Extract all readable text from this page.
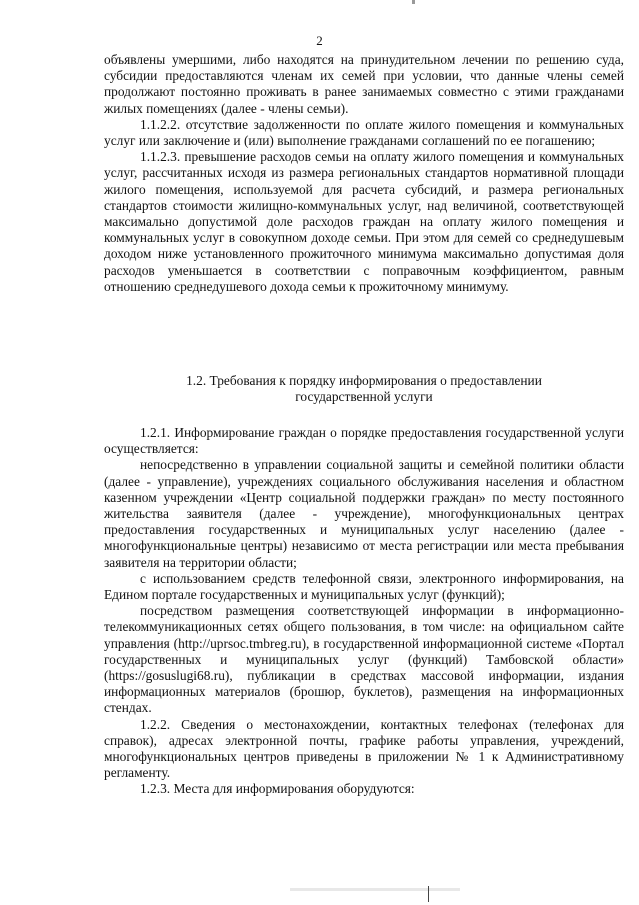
2

объявлены умершими, либо находятся на принудительном лечении по решению суда, субсидии предоставляются членам их семей при условии, что данные члены семей продолжают постоянно проживать в ранее занимаемых совместно с этими гражданами жилых помещениях (далее - члены семьи).

1.1.2.2. отсутствие задолженности по оплате жилого помещения и коммунальных услуг или заключение и (или) выполнение гражданами соглашений по ее погашению;

1.1.2.3. превышение расходов семьи на оплату жилого помещения и коммунальных услуг, рассчитанных исходя из размера региональных стандартов нормативной площади жилого помещения, используемой для расчета субсидий, и размера региональных стандартов стоимости жилищно-коммунальных услуг, над величиной, соответствующей максимально допустимой доле расходов граждан на оплату жилого помещения и коммунальных услуг в совокупном доходе семьи. При этом для семей со среднедушевым доходом ниже установленного прожиточного минимума максимально допустимая доля расходов уменьшается в соответствии с поправочным коэффициентом, равным отношению среднедушевого дохода семьи к прожиточному минимуму.

1.2. Требования к порядку информирования о предоставлении

государственной услуги

1.2.1. Информирование граждан о порядке предоставления государственной услуги осуществляется:

непосредственно в управлении социальной защиты и семейной политики области (далее - управление), учреждениях социального обслуживания населения и областном казенном учреждении «Центр социальной поддержки граждан» по месту постоянного жительства заявителя (далее - учреждение), многофункциональных центрах предоставления государственных и муниципальных услуг населению (далее - многофункциональные центры) независимо от места регистрации или места пребывания заявителя на территории области;

с использованием средств телефонной связи, электронного информирования, на Едином портале государственных и муниципальных услуг (функций);

посредством размещения соответствующей информации в информационно-телекоммуникационных сетях общего пользования, в том числе: на официальном сайте управления (http://uprsoc.tmbreg.ru), в государственной информационной системе «Портал государственных и муниципальных услуг (функций) Тамбовской области» (https://gosuslugi68.ru), публикации в средствах массовой информации, издания информационных материалов (брошюр, буклетов), размещения на информационных стендах.

1.2.2. Сведения о местонахождении, контактных телефонах (телефонах для справок), адресах электронной почты, графике работы управления, учреждений, многофункциональных центров приведены в приложении № 1 к Административному регламенту.

1.2.3. Места для информирования оборудуются:
